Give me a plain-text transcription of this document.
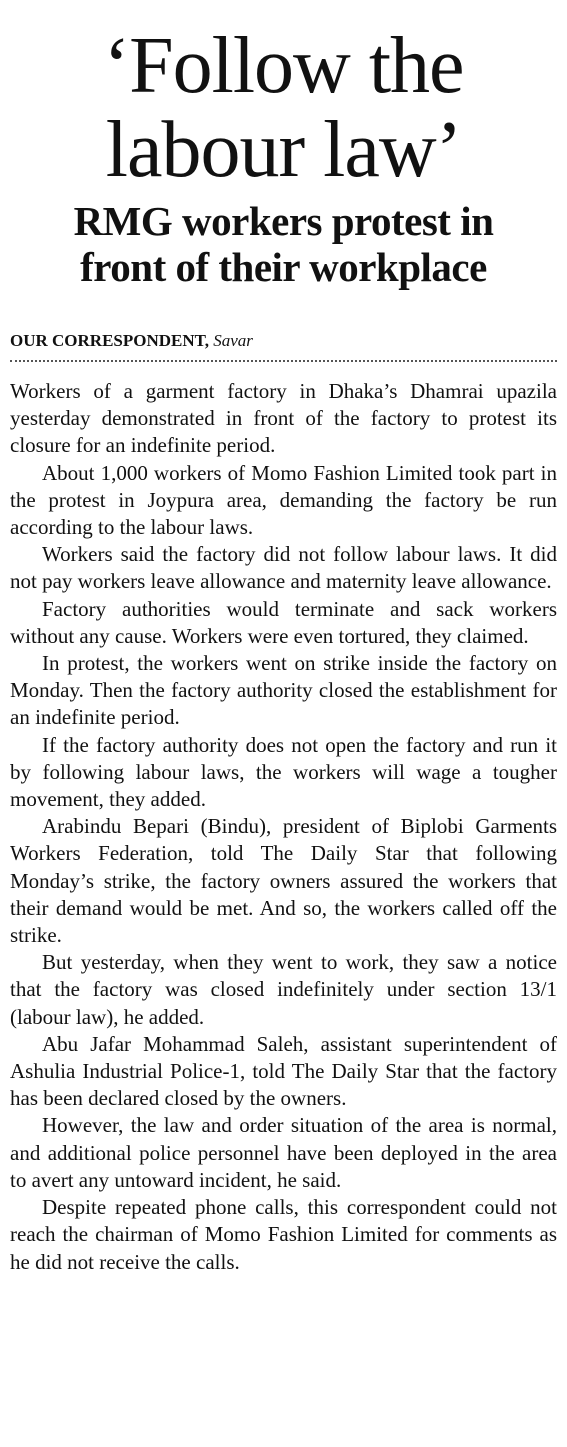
‘Follow the
labour law’
RMG workers protest in
front of their workplace
OUR CORRESPONDENT, Savar

Workers of a garment factory in Dhaka’s Dhamrai upazila yesterday demonstrated in front of the factory to protest its closure for an indefinite period.

About 1,000 workers of Momo Fashion Limited took part in the protest in Joypura area, demanding the factory be run according to the labour laws.

Workers said the factory did not follow labour laws. It did not pay workers leave allowance and maternity leave allowance.

Factory authorities would terminate and sack workers without any cause. Workers were even tortured, they claimed.

In protest, the workers went on strike inside the factory on Monday. Then the factory authority closed the establishment for an indefinite period.

If the factory authority does not open the factory and run it by following labour laws, the workers will wage a tougher movement, they added.

Arabindu Bepari (Bindu), president of Biplobi Garments Workers Federation, told The Daily Star that following Monday’s strike, the factory owners assured the workers that their demand would be met. And so, the workers called off the strike.

But yesterday, when they went to work, they saw a notice that the factory was closed indefinitely under section 13/1 (labour law), he added.

Abu Jafar Mohammad Saleh, assistant superintendent of Ashulia Industrial Police-1, told The Daily Star that the factory has been declared closed by the owners.

However, the law and order situation of the area is normal, and additional police personnel have been deployed in the area to avert any untoward incident, he said.

Despite repeated phone calls, this correspondent could not reach the chairman of Momo Fashion Limited for comments as he did not receive the calls.
